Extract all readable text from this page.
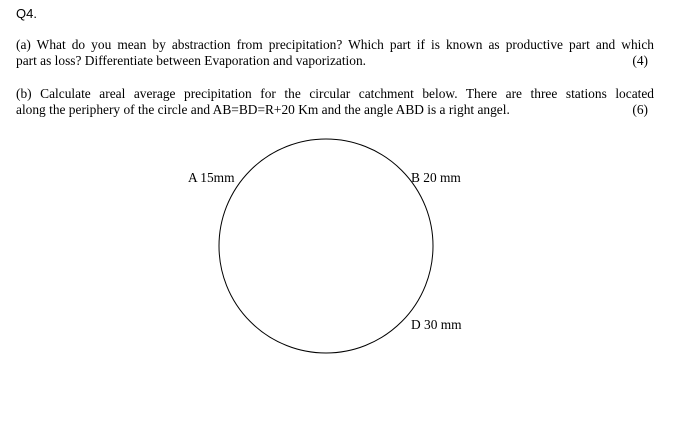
Q4.
(a) What do you mean by abstraction from precipitation? Which part if is known as productive part and which
part as loss? Differentiate between Evaporation and vaporization.	(4)
(b) Calculate areal average precipitation for the circular catchment below. There are three stations located
along the periphery of the circle and AB=BD=R+20 Km and the angle ABD is a right angel.	(6)
A 15mm	B 20 mm
D 30 mm
